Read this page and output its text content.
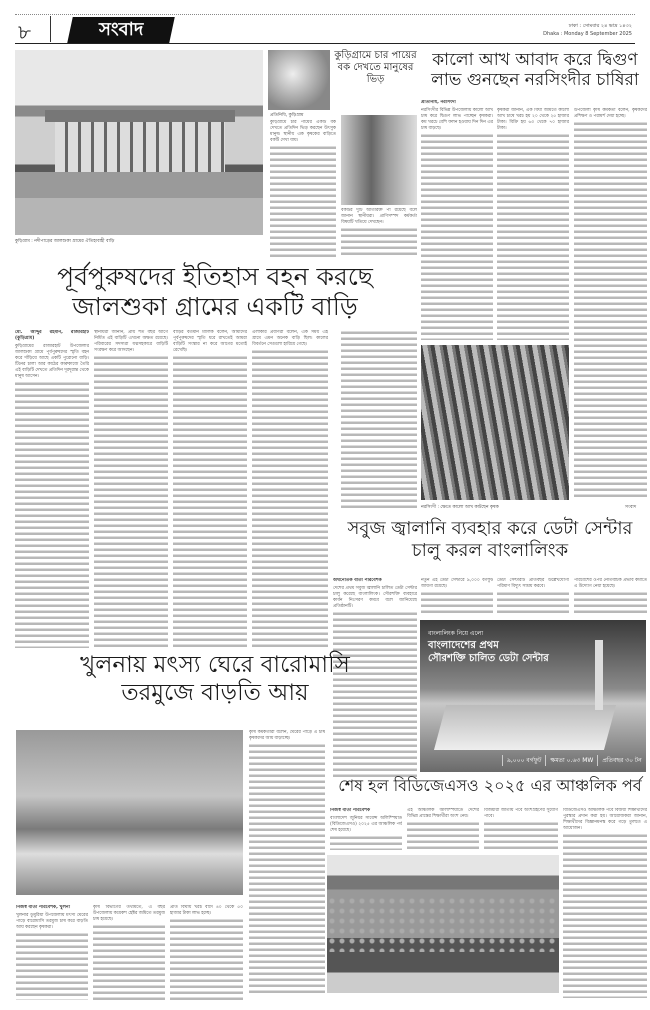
৮	সংবাদ	ঢাকা : সোমবার ২৪ ভাদ্র ১৪৩২
Dhaka : Monday 8 September 2025
কুড়িগ্রাম : নদীপাড়ের জালশুকা গ্রামের ঐতিহ্যবাহী বাড়ি
পূর্বপুরুষদের ইতিহাস বহন করছে
জালশুকা গ্রামের একটি বাড়ি
মো. আব্দুর রহমান, রাজারহাট (কুড়িগ্রাম)

কুড়িগ্রামের রাজারহাট উপজেলার জালশুকা গ্রামে পূর্বপুরুষদের স্মৃতি বহন করে দাঁড়িয়ে আছে একটি পুরোনো বাড়ি। টিনের চালা আর কাঠের কারুকাজে তৈরি এই বাড়িটি দেখতে প্রতিদিন দূরদূরান্ত থেকে মানুষ আসেন।

স্থানীয়রা জানান, প্রায় শত বছর আগে নির্মিত এই বাড়িটি এখনো অক্ষত রয়েছে। পরিবারের সদস্যরা যত্নসহকারে বাড়িটি সংরক্ষণ করে আসছেন।

বাড়ির বর্তমান মালিক বলেন, আমাদের পূর্বপুরুষদের স্মৃতি ধরে রাখতেই আমরা বাড়িটি সংস্কার না করে আগের মতোই রেখেছি।

এলাকার প্রবীণরা বলেন, এক সময় এই গ্রামে এমন অনেক বাড়ি ছিল। কালের বিবর্তনে সেগুলো হারিয়ে গেছে।

কুড়িগ্রামে চার পায়ের বক দেখতে মানুষের ভিড়
প্রতিনিধি, কুড়িগ্রাম

কুড়িগ্রামে চার পায়ের একটি বক দেখতে প্রতিদিন ভিড় করছেন উৎসুক মানুষ। স্থানীয় এক কৃষকের বাড়িতে বকটি দেখা যায়।

বকটির দুটি অতিরিক্ত পা রয়েছে বলে জানান স্থানীয়রা। প্রাণিসম্পদ কর্মকর্তা বিষয়টি খতিয়ে দেখছেন।

কালো আখ আবাদ করে দ্বিগুণ
লাভ গুনছেন নরসিংদীর চাষিরা
প্রতিনিধি, নরসিংদী

নরসিংদীর বিভিন্ন উপজেলায় কালো আখ চাষ করে দ্বিগুণ লাভ পাচ্ছেন কৃষকরা। কম খরচে বেশি ফলন হওয়ায় দিন দিন এর চাষ বাড়ছে।

কৃষকরা জানান, এক বিঘা জমিতে কালো আখ চাষে খরচ হয় ২০ থেকে ২৫ হাজার টাকা। বিক্রি হয় ৬০ থেকে ৭০ হাজার টাকা।

উপজেলা কৃষি কর্মকর্তা বলেন, কৃষকদের প্রশিক্ষণ ও পরামর্শ দেয়া হচ্ছে।

নরসিংদী : ক্ষেতে কালো আখ কাটছেন কৃষক	সংবাদ
সবুজ জ্বালানি ব্যবহার করে ডেটা সেন্টার
চালু করল বাংলালিংক
অর্থনৈতিক বার্তা পরিবেশক

দেশের প্রথম সবুজ জ্বালানি চালিত ডেটা সেন্টার চালু করেছে বাংলালিংক। সৌরশক্তি ব্যবহারে কার্বন নিঃসরণ কমবে বলে জানিয়েছে প্রতিষ্ঠানটি।

নতুন এই ডেটা সেন্টারে ৯,০০০ বর্গফুট জায়গা রয়েছে।

ডেটা সেন্টারটি প্রতিবছর উল্লেখযোগ্য পরিমাণ বিদ্যুৎ সাশ্রয় করবে।

পরিবেশের ওপর নেতিবাচক প্রভাব কমাতে এ উদ্যোগ নেয়া হয়েছে।

বাংলালিংক নিয়ে এলো
বাংলাদেশের প্রথম
সৌরশক্তি চালিত ডেটা সেন্টার
৯,০০০ বর্গফুট	ক্ষমতা ০.৬৩ MW	প্রতিবছর ৩০ টন
খুলনায় মৎস্য ঘেরে বারোমাসি
তরমুজে বাড়তি আয়
নিজস্ব বার্তা পরিবেশক, খুলনা

খুলনার ডুমুরিয়া উপজেলায় মৎস্য ঘেরের পাড়ে বারোমাসি তরমুজ চাষ করে বাড়তি আয় করছেন কৃষকরা।

কৃষি বিভাগের তথ্যমতে, এ বছর উপজেলায় কয়েকশ হেক্টর জমিতে তরমুজ চাষ হয়েছে।

প্রতি বিঘায় খরচ বাদে ৪০ থেকে ৫০ হাজার টাকা লাভ হচ্ছে।

কৃষি কর্মকর্তারা বলেন, ঘেরের পাড়ে এ চাষ কৃষকদের আয় বাড়াচ্ছে।

শেষ হল বিডিজেএসও ২০২৫ এর আঞ্চলিক পর্ব
নিজস্ব বার্তা পরিবেশক

বাংলাদেশ জুনিয়র সায়েন্স অলিম্পিয়াড (বিডিজেএসও) ২০২৫ এর আঞ্চলিক পর্ব শেষ হয়েছে।

এই আঞ্চলিক অলিম্পিয়াডে দেশের বিভিন্ন প্রান্তের শিক্ষার্থীরা অংশ নেয়।

বিজয়ীরা জাতীয় পর্বে অংশগ্রহণের সুযোগ পাবে।

বিডিজেএসও আঞ্চলিক পর্বে বিজয়ী শিক্ষার্থীদের পুরস্কার প্রদান করা হয়। আয়োজকরা জানান, শিক্ষার্থীদের বিজ্ঞানমনস্ক করে গড়ে তুলতে এ আয়োজন।
